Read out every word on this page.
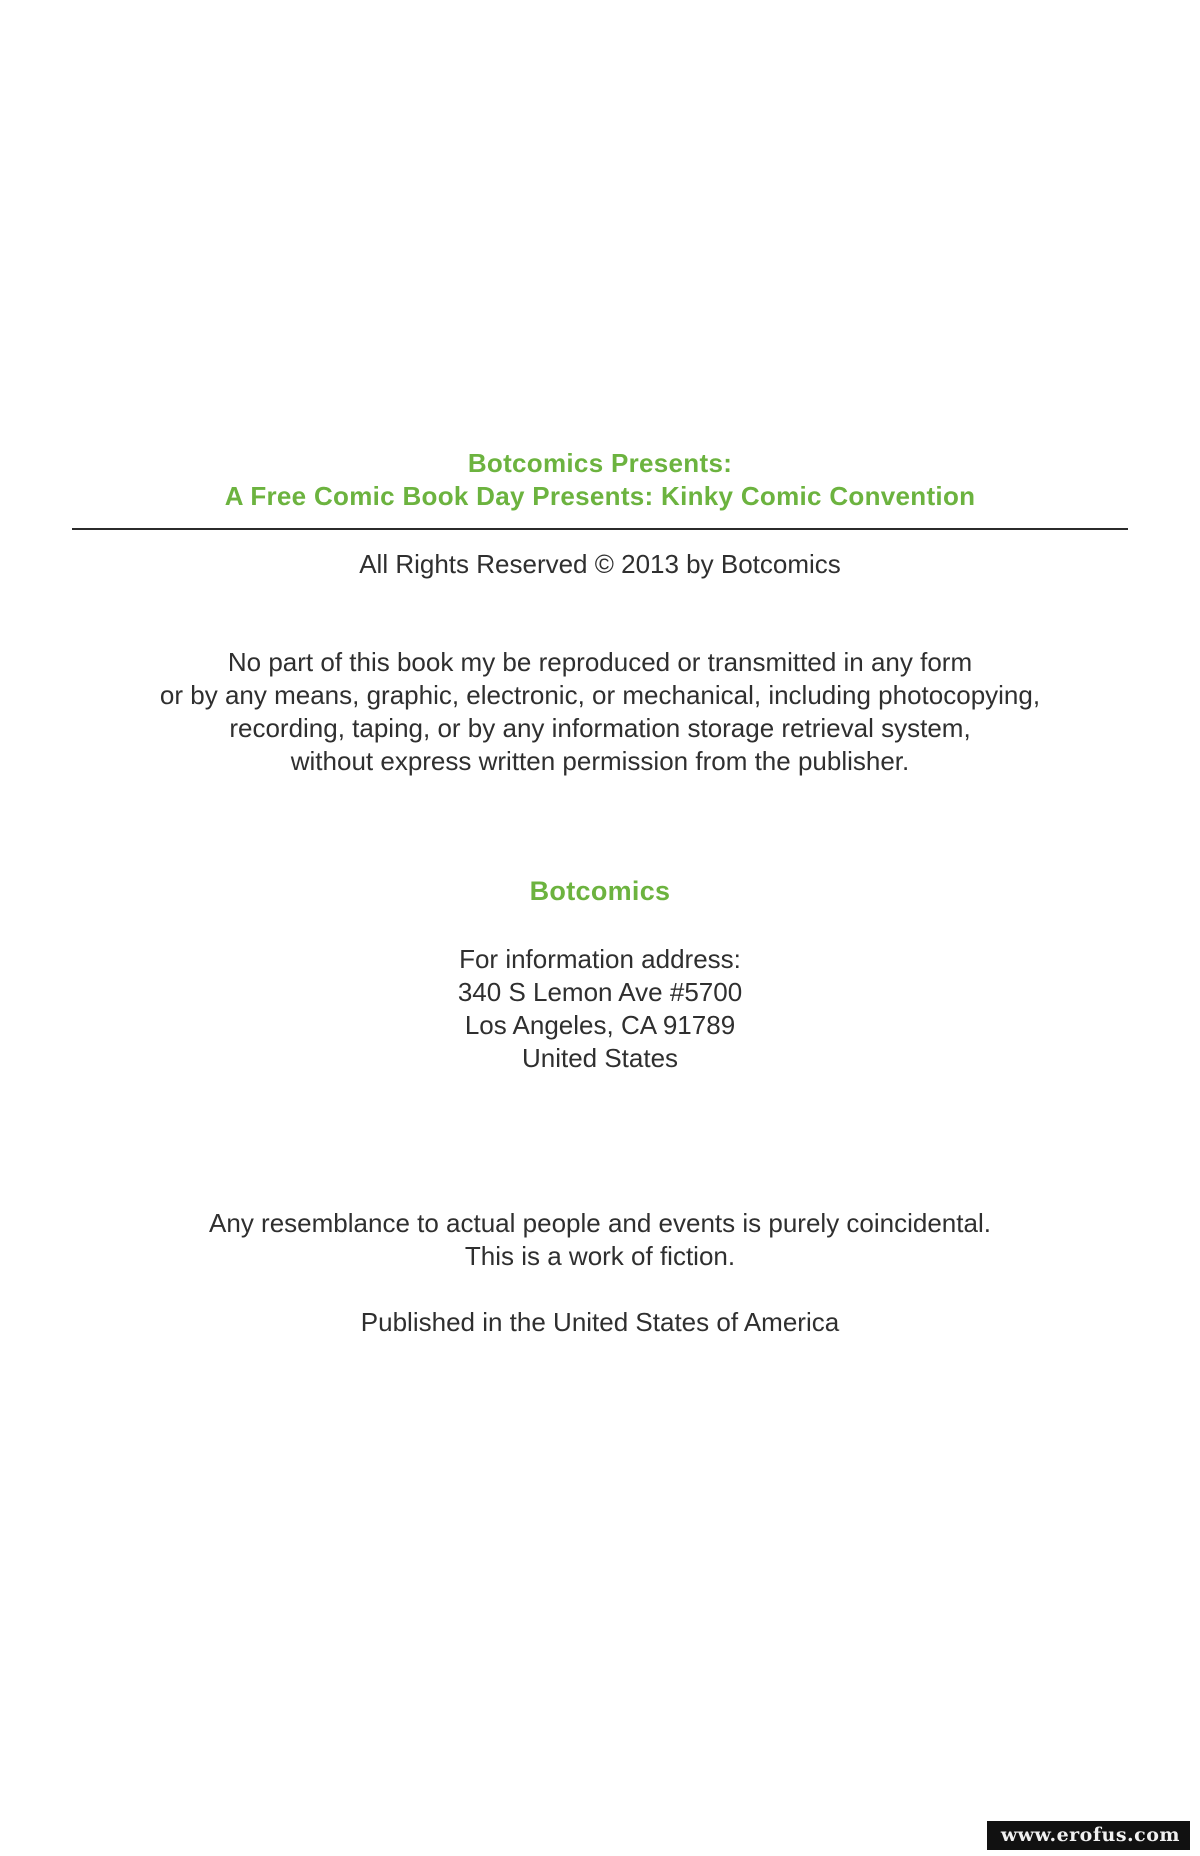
Botcomics Presents:
A Free Comic Book Day Presents: Kinky Comic Convention
All Rights Reserved © 2013 by Botcomics
No part of this book my be reproduced or transmitted in any form
or by any means, graphic, electronic, or mechanical, including photocopying,
recording, taping, or by any information storage retrieval system,
without express written permission from the publisher.
Botcomics
For information address:
340 S Lemon Ave #5700
Los Angeles, CA 91789
United States
Any resemblance to actual people and events is purely coincidental.
This is a work of fiction.
Published in the United States of America
www.erofus.com
